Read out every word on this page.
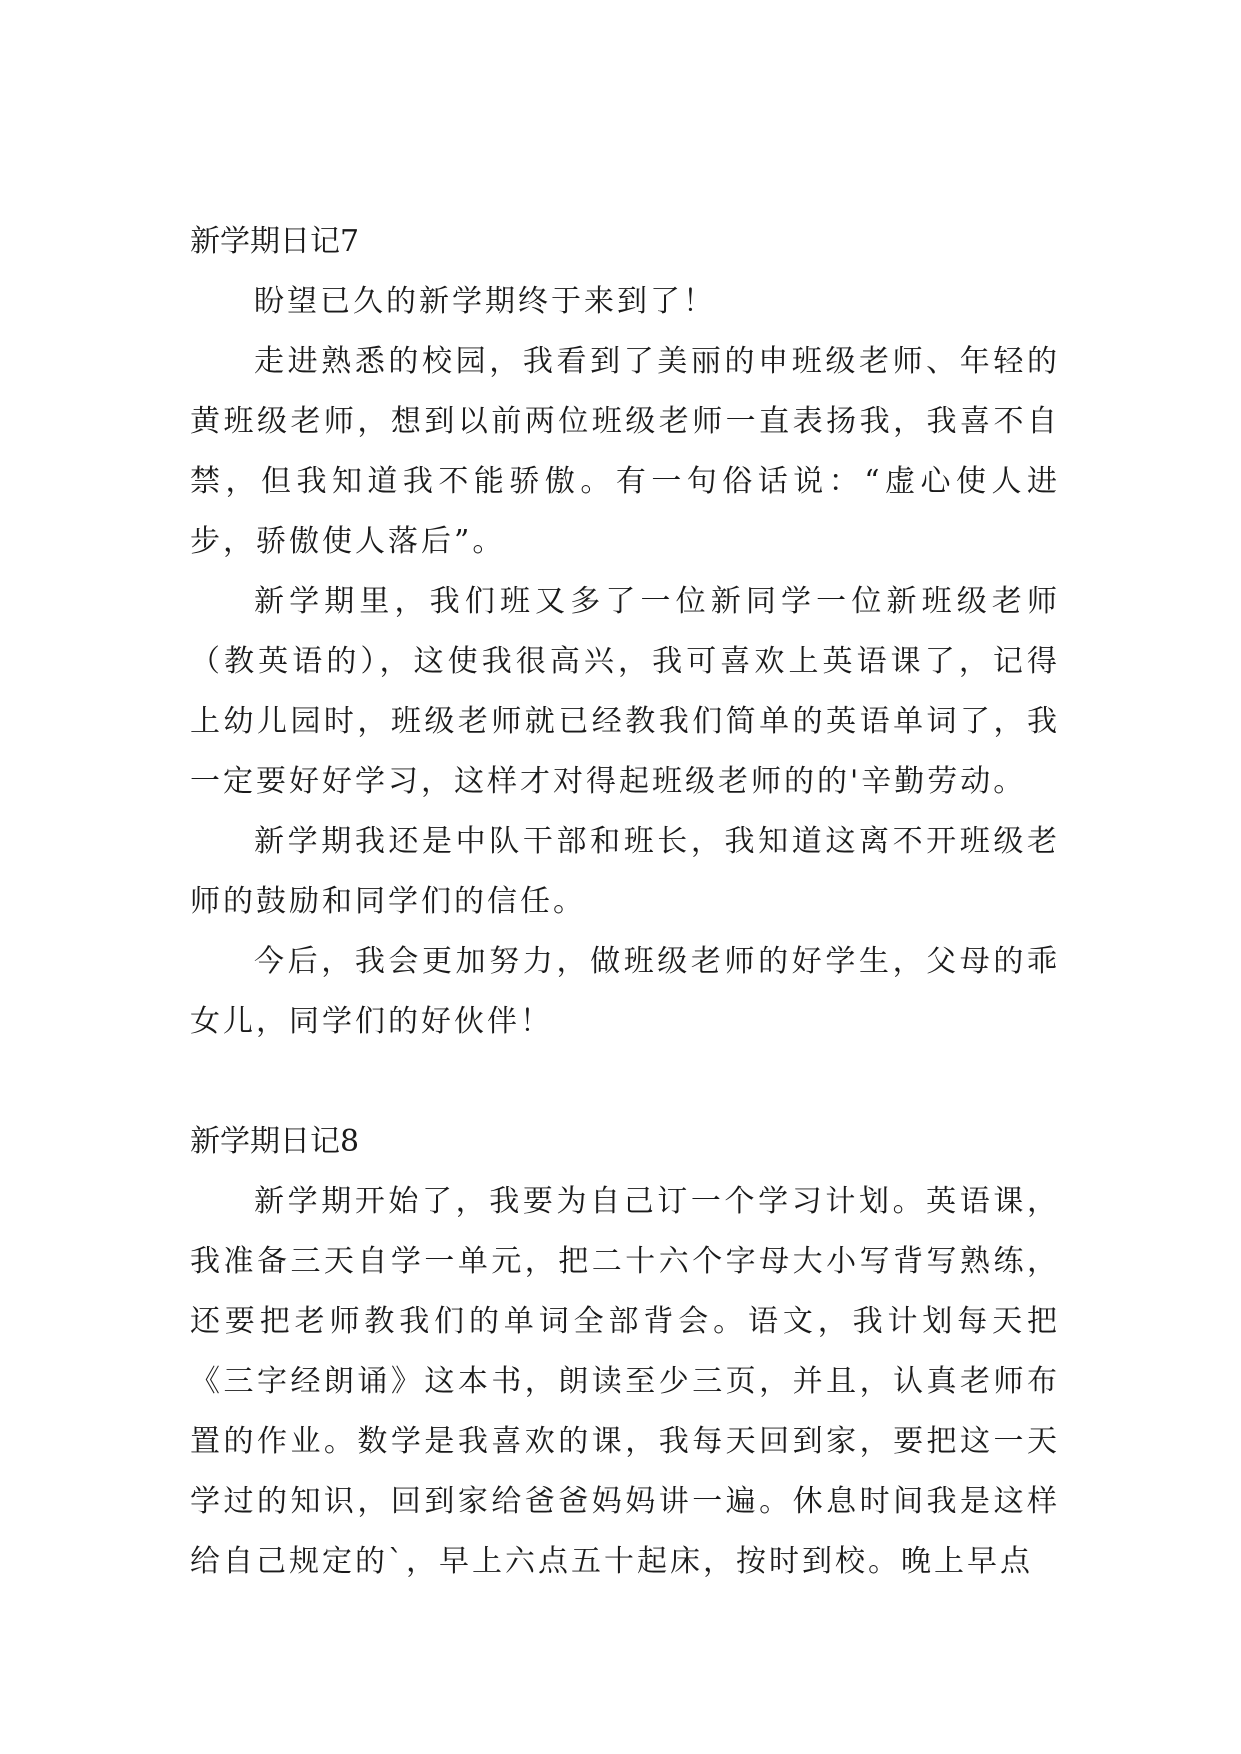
新学期日记7

盼望已久的新学期终于来到了！

走进熟悉的校园，我看到了美丽的申班级老师、年轻的黄班级老师，想到以前两位班级老师一直表扬我，我喜不自禁，但我知道我不能骄傲。有一句俗话说：“虚心使人进步，骄傲使人落后”。

新学期里，我们班又多了一位新同学一位新班级老师（教英语的），这使我很高兴，我可喜欢上英语课了，记得上幼儿园时，班级老师就已经教我们简单的英语单词了，我一定要好好学习，这样才对得起班级老师的的'辛勤劳动。

新学期我还是中队干部和班长，我知道这离不开班级老师的鼓励和同学们的信任。

今后，我会更加努力，做班级老师的好学生，父母的乖女儿，同学们的好伙伴！

新学期日记8

新学期开始了，我要为自己订一个学习计划。英语课，我准备三天自学一单元，把二十六个字母大小写背写熟练，还要把老师教我们的单词全部背会。语文，我计划每天把《三字经朗诵》这本书，朗读至少三页，并且，认真老师布置的作业。数学是我喜欢的课，我每天回到家，要把这一天学过的知识，回到家给爸爸妈妈讲一遍。休息时间我是这样给自己规定的`，早上六点五十起床，按时到校。晚上早点
